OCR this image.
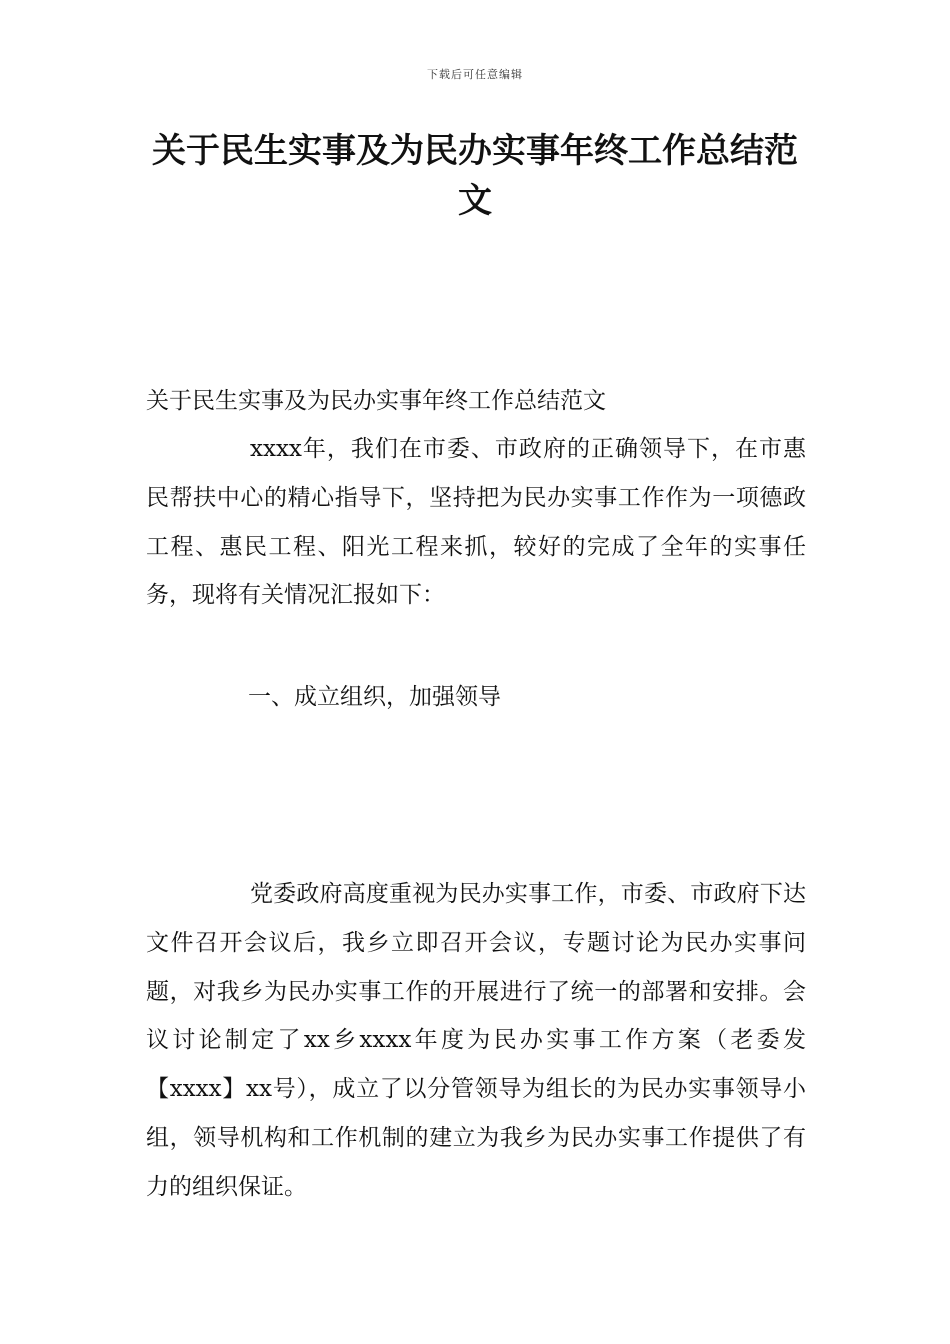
下载后可任意编辑
关于民生实事及为民办实事年终工作总结范文

关于民生实事及为民办实事年终工作总结范文

xxxx年，我们在市委、市政府的正确领导下，在市惠民帮扶中心的精心指导下，坚持把为民办实事工作作为一项德政工程、惠民工程、阳光工程来抓，较好的完成了全年的实事任务，现将有关情况汇报如下：

一、成立组织，加强领导

党委政府高度重视为民办实事工作，市委、市政府下达文件召开会议后，我乡立即召开会议，专题讨论为民办实事问题，对我乡为民办实事工作的开展进行了统一的部署和安排。会议讨论制定了xx乡xxxx年度为民办实事工作方案（老委发【xxxx】xx号），成立了以分管领导为组长的为民办实事领导小组，领导机构和工作机制的建立为我乡为民办实事工作提供了有力的组织保证。
